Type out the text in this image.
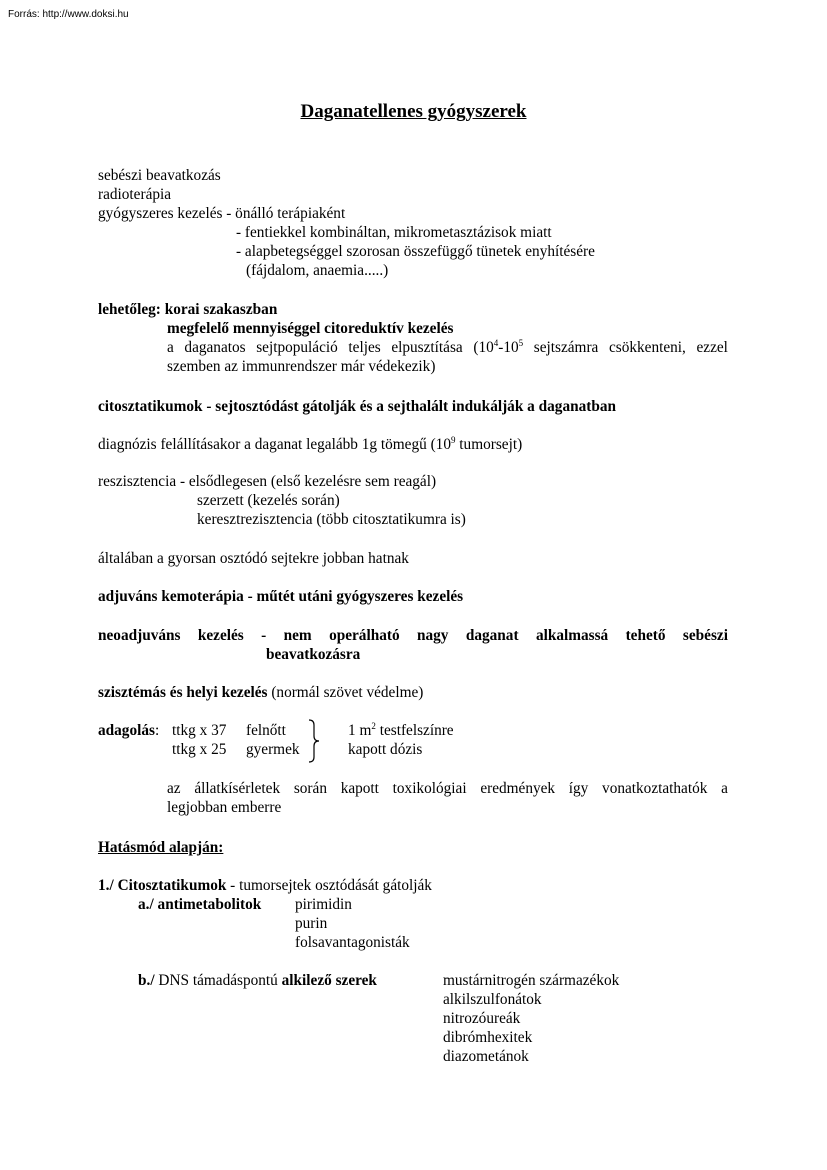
Forrás: http://www.doksi.hu
Daganatellenes gyógyszerek
sebészi beavatkozás
radioterápia
gyógyszeres kezelés - önálló terápiaként
- fentiekkel kombináltan, mikrometasztázisok miatt
- alapbetegséggel szorosan összefüggő tünetek enyhítésére
(fájdalom, anaemia.....)
lehetőleg: korai szakaszban
megfelelő mennyiséggel citoreduktív kezelés
a daganatos sejtpopuláció teljes elpusztítása ($10^4-10^5$ sejtszámra csökkenteni, ezzel
szemben az immunrendszer már védekezik)
citosztatikumok - sejtosztódást gátolják és a sejthalált indukálják a daganatban
diagnózis felállításakor a daganat legalább 1g tömegű ($10^9$ tumorsejt)
reszisztencia - elsődlegesen (első kezelésre sem reagál)
szerzett (kezelés során)
keresztrezisztencia (több citosztatikumra is)
általában a gyorsan osztódó sejtekre jobban hatnak
adjuváns kemoterápia - műtét utáni gyógyszeres kezelés
neoadjuváns kezelés - nem operálható nagy daganat alkalmassá tehető sebészi
beavatkozásra
szisztémás és helyi kezelés (normál szövet védelme)
adagolás: ttkg x 37 felnőtt
ttkg x 25 gyermek
1 $m^2$ testfelszínre
kapott dózis
az állatkísérletek során kapott toxikológiai eredmények így vonatkoztathatók a
legjobban emberre
Hatásmód alapján:
1./ Citosztatikumok - tumorsejtek osztódását gátolják
a./ antimetabolitok pirimidin
purin
folsavantagonisták
b./ DNS támadáspontú alkilező szerek	mustárnitrogén származékok
alkilszulfonátok
nitrozóureák
dibrómhexitek
diazometánok
